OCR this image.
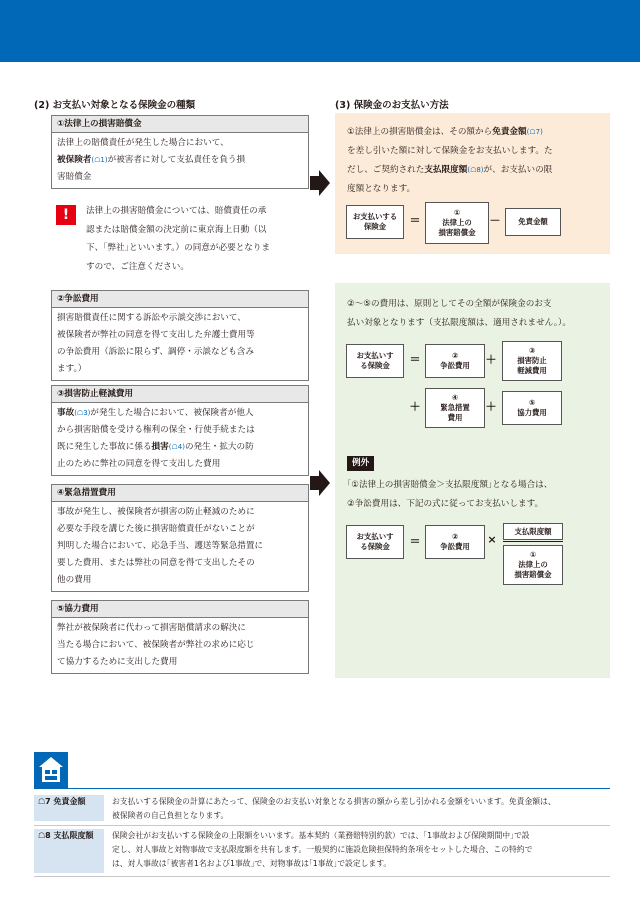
(2) お支払い対象となる保険金の種類	(3) 保険金のお支払い方法
①法律上の損害賠償金
法律上の賠償責任が発生した場合において、
被保険者(☖1)が被害者に対して支払責任を負う損
害賠償金
!	法律上の損害賠償金については、賠償責任の承
認または賠償金額の決定前に東京海上日動（以
下、｢弊社｣といいます。）の同意が必要となりま
すので、ご注意ください。
②争訟費用
損害賠償責任に関する訴訟や示談交渉において、
被保険者が弊社の同意を得て支出した弁護士費用等
の争訟費用（訴訟に限らず、調停・示談なども含み
ます。）
③損害防止軽減費用
事故(☖3)が発生した場合において、被保険者が他人
から損害賠償を受ける権利の保全・行使手続または
既に発生した事故に係る損害(☖4)の発生・拡大の防
止のために弊社の同意を得て支出した費用
④緊急措置費用
事故が発生し、被保険者が損害の防止軽減のために
必要な手段を講じた後に損害賠償責任がないことが
判明した場合において、応急手当、護送等緊急措置に
要した費用、または弊社の同意を得て支出したその
他の費用
⑤協力費用
弊社が被保険者に代わって損害賠償請求の解決に
当たる場合において、被保険者が弊社の求めに応じ
て協力するために支出した費用
①法律上の損害賠償金は、その額から免責金額(☖7)
を差し引いた額に対して保険金をお支払いします。た
だし、ご契約された支払限度額(☖8)が、お支払いの限
度額となります。
お支払いする
保険金	＝
①
法律上の
損害賠償金
－	免責金額
②～⑤の費用は、原則としてその全額が保険金のお支
払い対象となります（支払限度額は、適用されません。）。
お支払いする保険金	＝	②
争訟費用 ＋
③
損害防止
軽減費用
＋
④
緊急措置
費用
＋	⑤
協力費用
例外
｢①法律上の損害賠償金＞支払限度額｣となる場合は、
②争訟費用は、下記の式に従ってお支払いします。
お支払いする保険金	＝	②
争訟費用
×
支払限度額
①
法律上の
損害賠償金
☖7 免責金額	お支払いする保険金の計算にあたって、保険金のお支払い対象となる損害の額から差し引かれる金額をいいます。免責金額は、
被保険者の自己負担となります。
☖8 支払限度額	保険会社がお支払いする保険金の上限額をいいます。基本契約（業務賠特別約款）では、｢1事故および保険期間中｣で設
定し、対人事故と対物事故で支払限度額を共有します。一般契約に施設危険担保特約条項をセットした場合、この特約で
は、対人事故は｢被害者1名および1事故｣で、対物事故は｢1事故｣で設定します。
